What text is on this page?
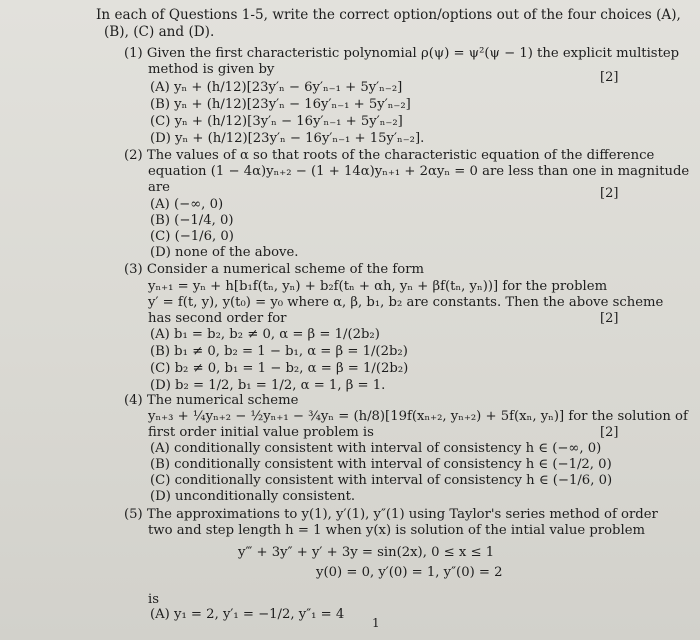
In each of Questions 1-5, write the correct option/options out of the four choices (A),
(B), (C) and (D).
(1) Given the first characteristic polynomial ρ(ψ) = ψ²(ψ − 1) the explicit multistep
method is given by
[2]
(A) yₙ + (h/12)[23y′ₙ − 6y′ₙ₋₁ + 5y′ₙ₋₂]
(B) yₙ + (h/12)[23y′ₙ − 16y′ₙ₋₁ + 5y′ₙ₋₂]
(C) yₙ + (h/12)[3y′ₙ − 16y′ₙ₋₁ + 5y′ₙ₋₂]
(D) yₙ + (h/12)[23y′ₙ − 16y′ₙ₋₁ + 15y′ₙ₋₂].
(2) The values of α so that roots of the characteristic equation of the difference
equation (1 − 4α)yₙ₊₂ − (1 + 14α)yₙ₊₁ + 2αyₙ = 0 are less than one in magnitude
are	[2]
(A) (−∞, 0)
(B) (−1/4, 0)
(C) (−1/6, 0)
(D) none of the above.
(3) Consider a numerical scheme of the form
yₙ₊₁ = yₙ + h[b₁f(tₙ, yₙ) + b₂f(tₙ + αh, yₙ + βf(tₙ, yₙ))] for the problem
y′ = f(t, y), y(t₀) = y₀ where α, β, b₁, b₂ are constants. Then the above scheme
has second order for	[2]
(A) b₁ = b₂, b₂ ≠ 0, α = β = 1/(2b₂)
(B) b₁ ≠ 0, b₂ = 1 − b₁, α = β = 1/(2b₂)
(C) b₂ ≠ 0, b₁ = 1 − b₂, α = β = 1/(2b₂)
(D) b₂ = 1/2, b₁ = 1/2, α = 1, β = 1.
(4) The numerical scheme
yₙ₊₃ + ¼yₙ₊₂ − ½yₙ₊₁ − ¾yₙ = (h/8)[19f(xₙ₊₂, yₙ₊₂) + 5f(xₙ, yₙ)] for the solution of
first order initial value problem is	[2]
(A) conditionally consistent with interval of consistency h ∈ (−∞, 0)
(B) conditionally consistent with interval of consistency h ∈ (−1/2, 0)
(C) conditionally consistent with interval of consistency h ∈ (−1/6, 0)
(D) unconditionally consistent.
(5) The approximations to y(1), y′(1), y″(1) using Taylor's series method of order
two and step length h = 1 when y(x) is solution of the intial value problem
y‴ + 3y″ + y′ + 3y = sin(2x), 0 ≤ x ≤ 1
y(0) = 0, y′(0) = 1, y″(0) = 2
is
(A) y₁ = 2, y′₁ = −1/2, y″₁ = 4
1
